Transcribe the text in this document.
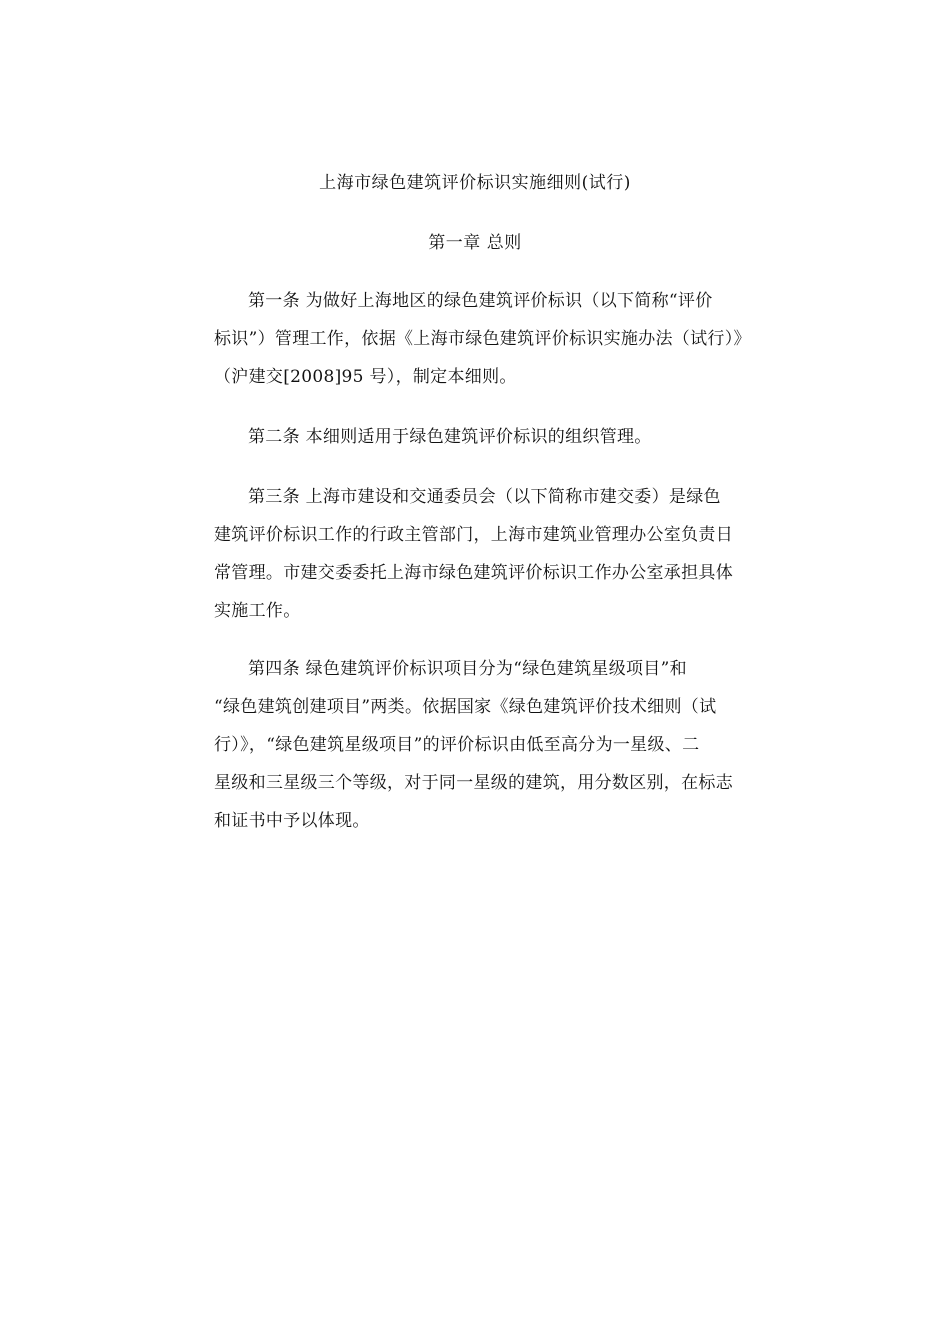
上海市绿色建筑评价标识实施细则(试行)
第一章 总则
第一条 为做好上海地区的绿色建筑评价标识（以下简称“评价
标识”）管理工作，依据《上海市绿色建筑评价标识实施办法（试行）》
（沪建交[2008]95 号），制定本细则。
第二条 本细则适用于绿色建筑评价标识的组织管理。
第三条 上海市建设和交通委员会（以下简称市建交委）是绿色
建筑评价标识工作的行政主管部门，上海市建筑业管理办公室负责日
常管理。市建交委委托上海市绿色建筑评价标识工作办公室承担具体
实施工作。
第四条 绿色建筑评价标识项目分为“绿色建筑星级项目”和
“绿色建筑创建项目”两类。依据国家《绿色建筑评价技术细则（试
行）》，“绿色建筑星级项目”的评价标识由低至高分为一星级、二
星级和三星级三个等级，对于同一星级的建筑，用分数区别，在标志
和证书中予以体现。
